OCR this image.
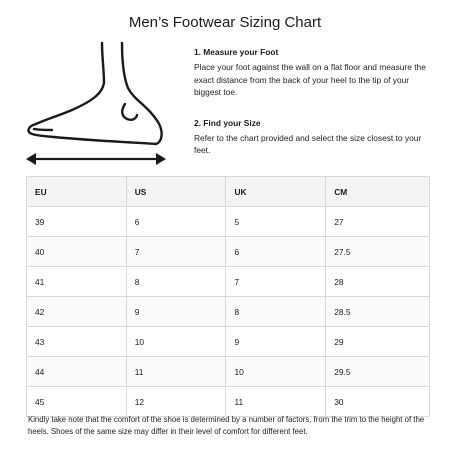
Men’s Footwear Sizing Chart

1. Measure your Foot

Place your foot against the wall on a flat floor and measure the exact distance from the back of your heel to the tip of your biggest toe.

2. Find your Size

Refer to the chart provided and select the size closest to your feet.

EU	US	UK	CM
39	6	5	27
40	7	6	27.5
41	8	7	28
42	9	8	28.5
43	10	9	29
44	11	10	29.5
45	12	11	30

Kindly take note that the comfort of the shoe is determined by a number of factors, from the trim to the height of the heels. Shoes of the same size may differ in their level of comfort for different feet.
